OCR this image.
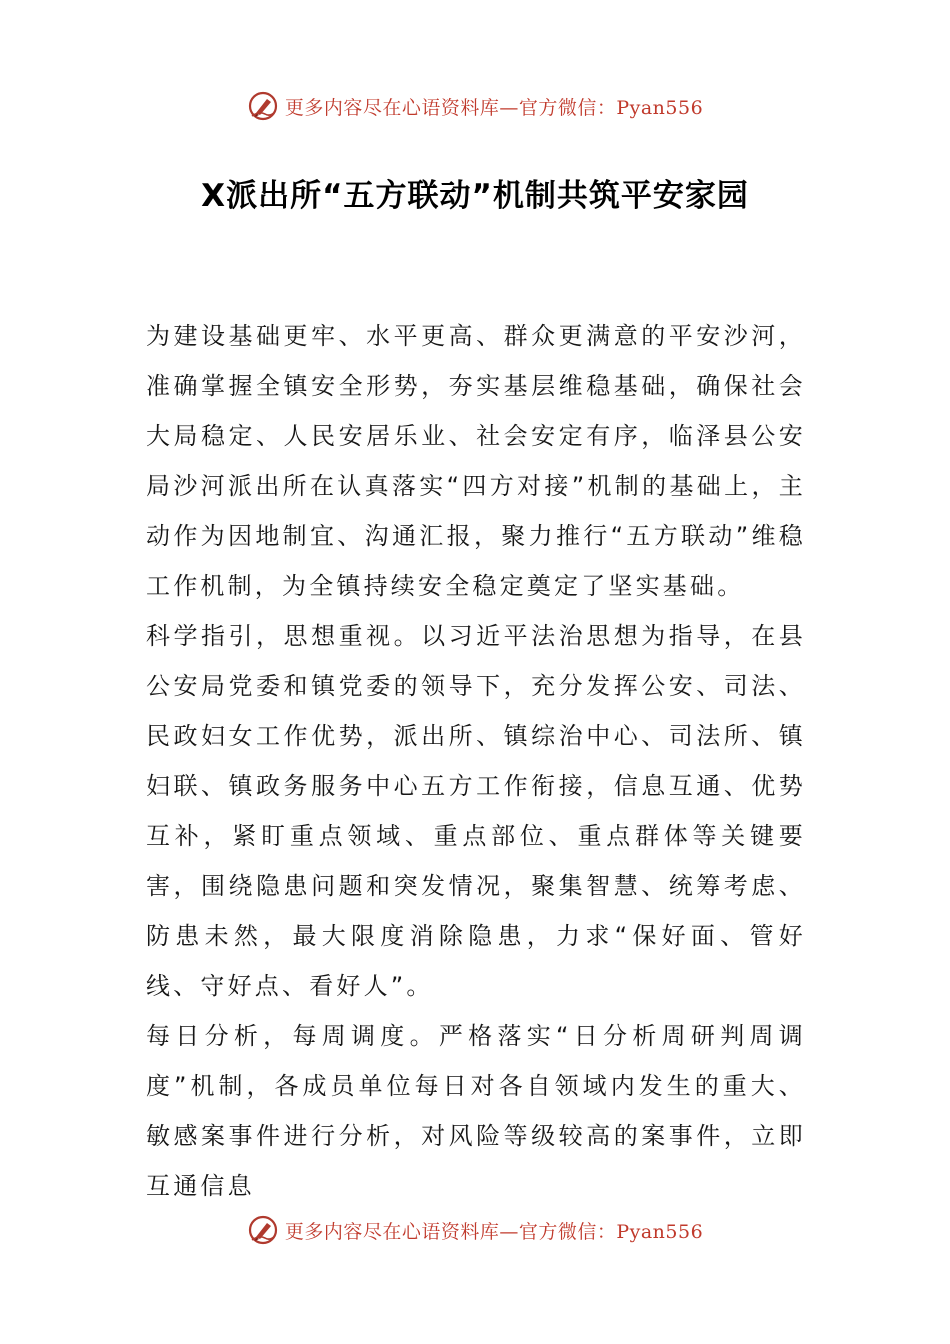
更多内容尽在心语资料库—官方微信：Pyan556
X派出所“五方联动”机制共筑平安家园

为建设基础更牢、水平更高、群众更满意的平安沙河，准确掌握全镇安全形势，夯实基层维稳基础，确保社会大局稳定、人民安居乐业、社会安定有序，临泽县公安局沙河派出所在认真落实“四方对接”机制的基础上，主动作为因地制宜、沟通汇报，聚力推行“五方联动”维稳工作机制，为全镇持续安全稳定奠定了坚实基础。

科学指引，思想重视。以习近平法治思想为指导，在县公安局党委和镇党委的领导下，充分发挥公安、司法、民政妇女工作优势，派出所、镇综治中心、司法所、镇妇联、镇政务服务中心五方工作衔接，信息互通、优势互补，紧盯重点领域、重点部位、重点群体等关键要害，围绕隐患问题和突发情况，聚集智慧、统筹考虑、防患未然，最大限度消除隐患，力求“保好面、管好线、守好点、看好人”。

每日分析，每周调度。严格落实“日分析周研判周调度”机制，各成员单位每日对各自领域内发生的重大、敏感案事件进行分析，对风险等级较高的案事件，立即互通信息

更多内容尽在心语资料库—官方微信：Pyan556
